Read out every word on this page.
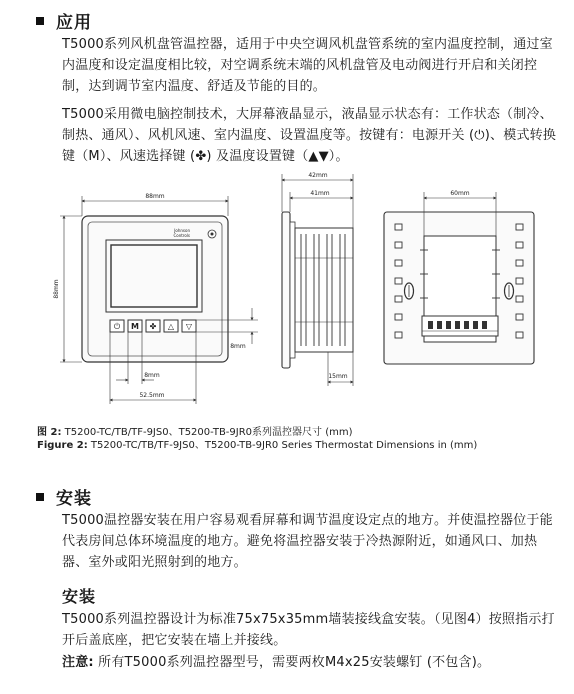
应用
T5000系列风机盘管温控器，适用于中央空调风机盘管系统的室内温度控制，通过室内温度和设定温度相比较，对空调系统末端的风机盘管及电动阀进行开启和关闭控制，达到调节室内温度、舒适及节能的目的。
T5000采用微电脑控制技术，大屏幕液晶显示，液晶显示状态有：工作状态（制冷、制热、通风）、风机风速、室内温度、设置温度等。按键有：电源开关 (⏻)、模式转换键（M）、风速选择键 (✤) 及温度设置键（▲▼）。
Johnson
Controls
⏻ M ✤ △ ▽
88mm
88mm
8mm
8mm
52.5mm
42mm
41mm
15mm
60mm
图 2: T5200-TC/TB/TF-9JS0、T5200-TB-9JR0系列温控器尺寸 (mm)
Figure 2: T5200-TC/TB/TF-9JS0、T5200-TB-9JR0 Series Thermostat Dimensions in (mm)
安装
T5000温控器安装在用户容易观看屏幕和调节温度设定点的地方。并使温控器位于能代表房间总体环境温度的地方。避免将温控器安装于冷热源附近，如通风口、加热器、室外或阳光照射到的地方。
安装
T5000系列温控器设计为标准75x75x35mm墙装接线盒安装。（见图4）按照指示打开后盖底座，把它安装在墙上并接线。
注意: 所有T5000系列温控器型号，需要两枚M4x25安装螺钉 (不包含)。
